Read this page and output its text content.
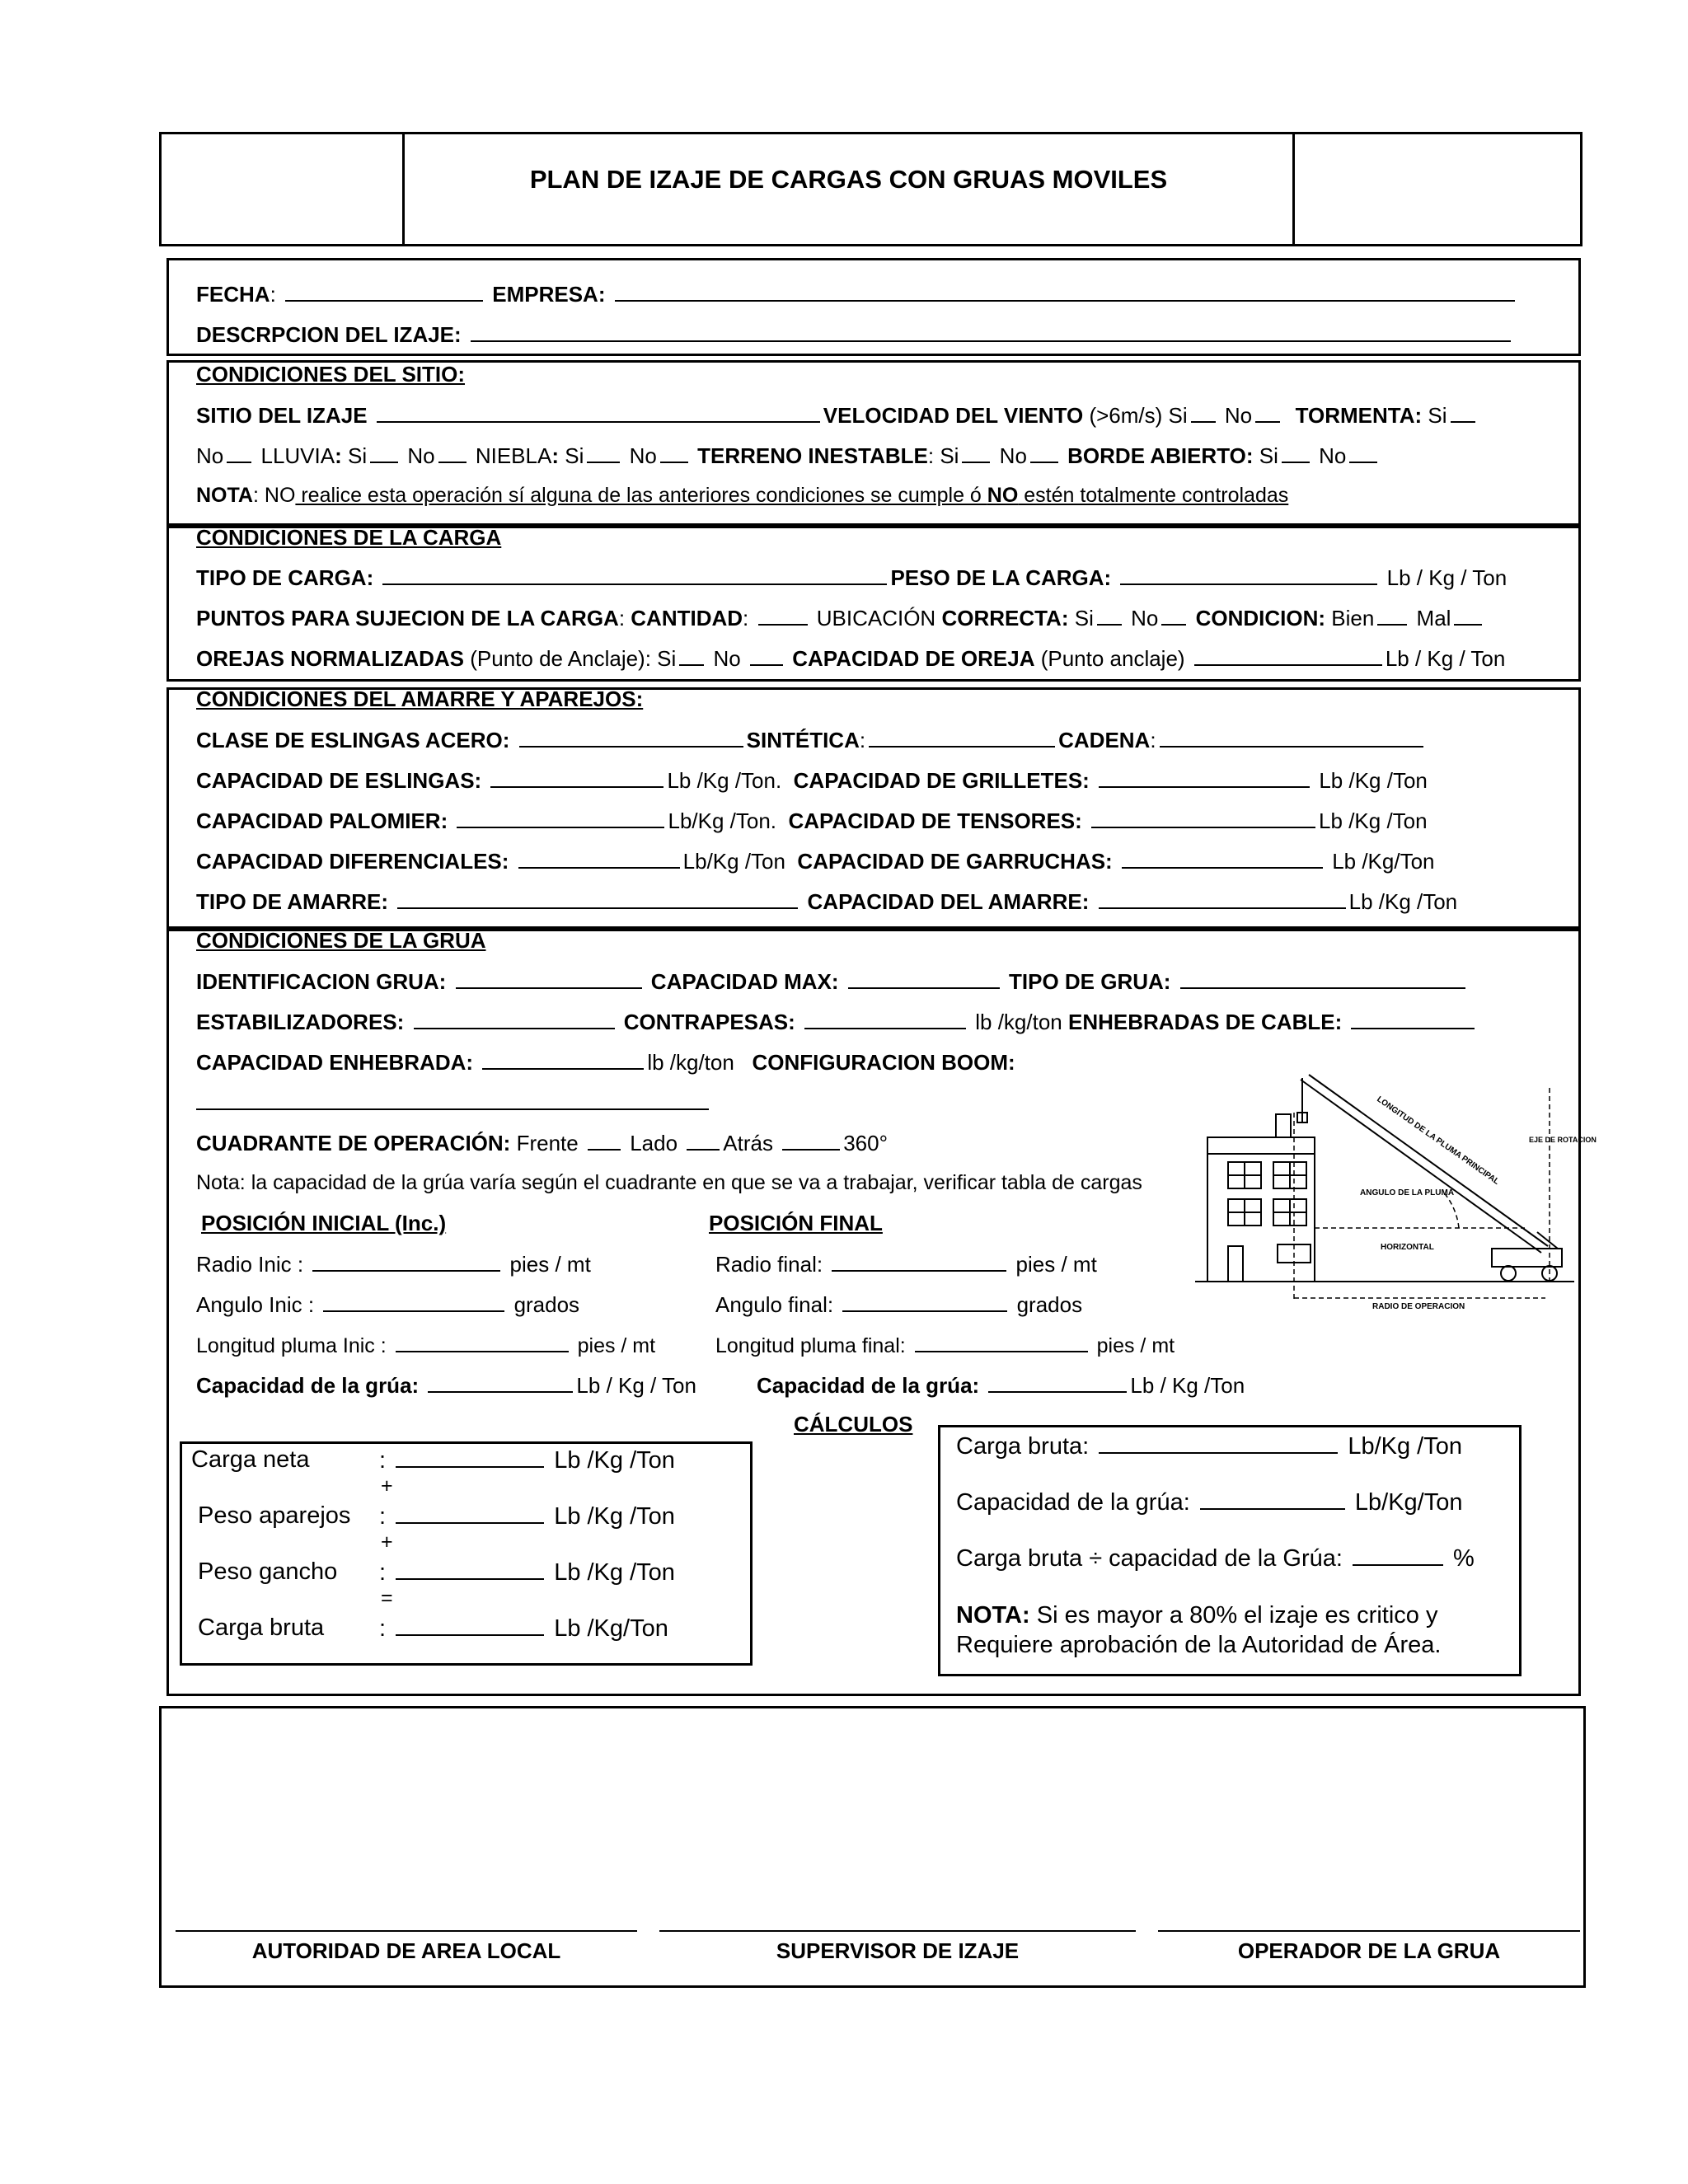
PLAN DE IZAJE DE CARGAS CON GRUAS MOVILES
FECHA:	EMPRESA:
DESCRPCION DEL IZAJE:
CONDICIONES DEL SITIO:
SITIO DEL IZAJE	VELOCIDAD DEL VIENTO (>6m/s) Si No TORMENTA: Si
No LLUVIA: Si No NIEBLA: Si No TERRENO INESTABLE: Si No BORDE ABIERTO: Si No
NOTA: NO realice esta operación sí alguna de las anteriores condiciones se cumple ó NO estén totalmente controladas
CONDICIONES DE LA CARGA
TIPO DE CARGA:	PESO DE LA CARGA:	Lb / Kg / Ton
PUNTOS PARA SUJECION DE LA CARGA: CANTIDAD:	UBICACIÓN CORRECTA: Si No CONDICION: Bien Mal
OREJAS NORMALIZADAS (Punto de Anclaje): Si No CAPACIDAD DE OREJA (Punto anclaje)	Lb / Kg / Ton
CONDICIONES DEL AMARRE Y APAREJOS:
CLASE DE ESLINGAS ACERO:	SINTÉTICA:	CADENA:
CAPACIDAD DE ESLINGAS:	Lb /Kg /Ton. CAPACIDAD DE GRILLETES:	Lb /Kg /Ton
CAPACIDAD PALOMIER:	Lb/Kg /Ton. CAPACIDAD DE TENSORES:	Lb /Kg /Ton
CAPACIDAD DIFERENCIALES:	Lb/Kg /Ton CAPACIDAD DE GARRUCHAS:	Lb /Kg/Ton
TIPO DE AMARRE:	CAPACIDAD DEL AMARRE:	Lb /Kg /Ton
CONDICIONES DE LA GRUA
IDENTIFICACION GRUA:	CAPACIDAD MAX:	TIPO DE GRUA:
ESTABILIZADORES:	CONTRAPESAS:	lb /kg/ton ENHEBRADAS DE CABLE:
CAPACIDAD ENHEBRADA:	lb /kg/ton CONFIGURACION BOOM:
CUADRANTE DE OPERACIÓN: Frente Lado Atrás	360°
Nota: la capacidad de la grúa varía según el cuadrante en que se va a trabajar, verificar tabla de cargas
POSICIÓN INICIAL (Inc.)	POSICIÓN FINAL
Radio Inic :	pies / mt	Radio final:	pies / mt
Angulo Inic :	grados	Angulo final:	grados
Longitud pluma Inic :	pies / mt	Longitud pluma final:	pies / mt
Capacidad de la grúa:	Lb / Kg / Ton	Capacidad de la grúa:	Lb / Kg /Ton
LONGITUD DE LA PLUMA PRINCIPAL	EJE DE ROTACION
ANGULO DE LA PLUMA
HORIZONTAL
RADIO DE OPERACION
CÁLCULOS
Carga neta	:	Lb /Kg /Ton
+
Peso aparejos :	Lb /Kg /Ton
+
Peso gancho :	Lb /Kg /Ton
=
Carga bruta :	Lb /Kg/Ton
Carga bruta:	Lb/Kg /Ton
Capacidad de la grúa:	Lb/Kg/Ton
Carga bruta ÷ capacidad de la Grúa:	%
NOTA: Si es mayor a 80% el izaje es critico y
Requiere aprobación de la Autoridad de Área.
AUTORIDAD DE AREA LOCAL	SUPERVISOR DE IZAJE	OPERADOR DE LA GRUA
